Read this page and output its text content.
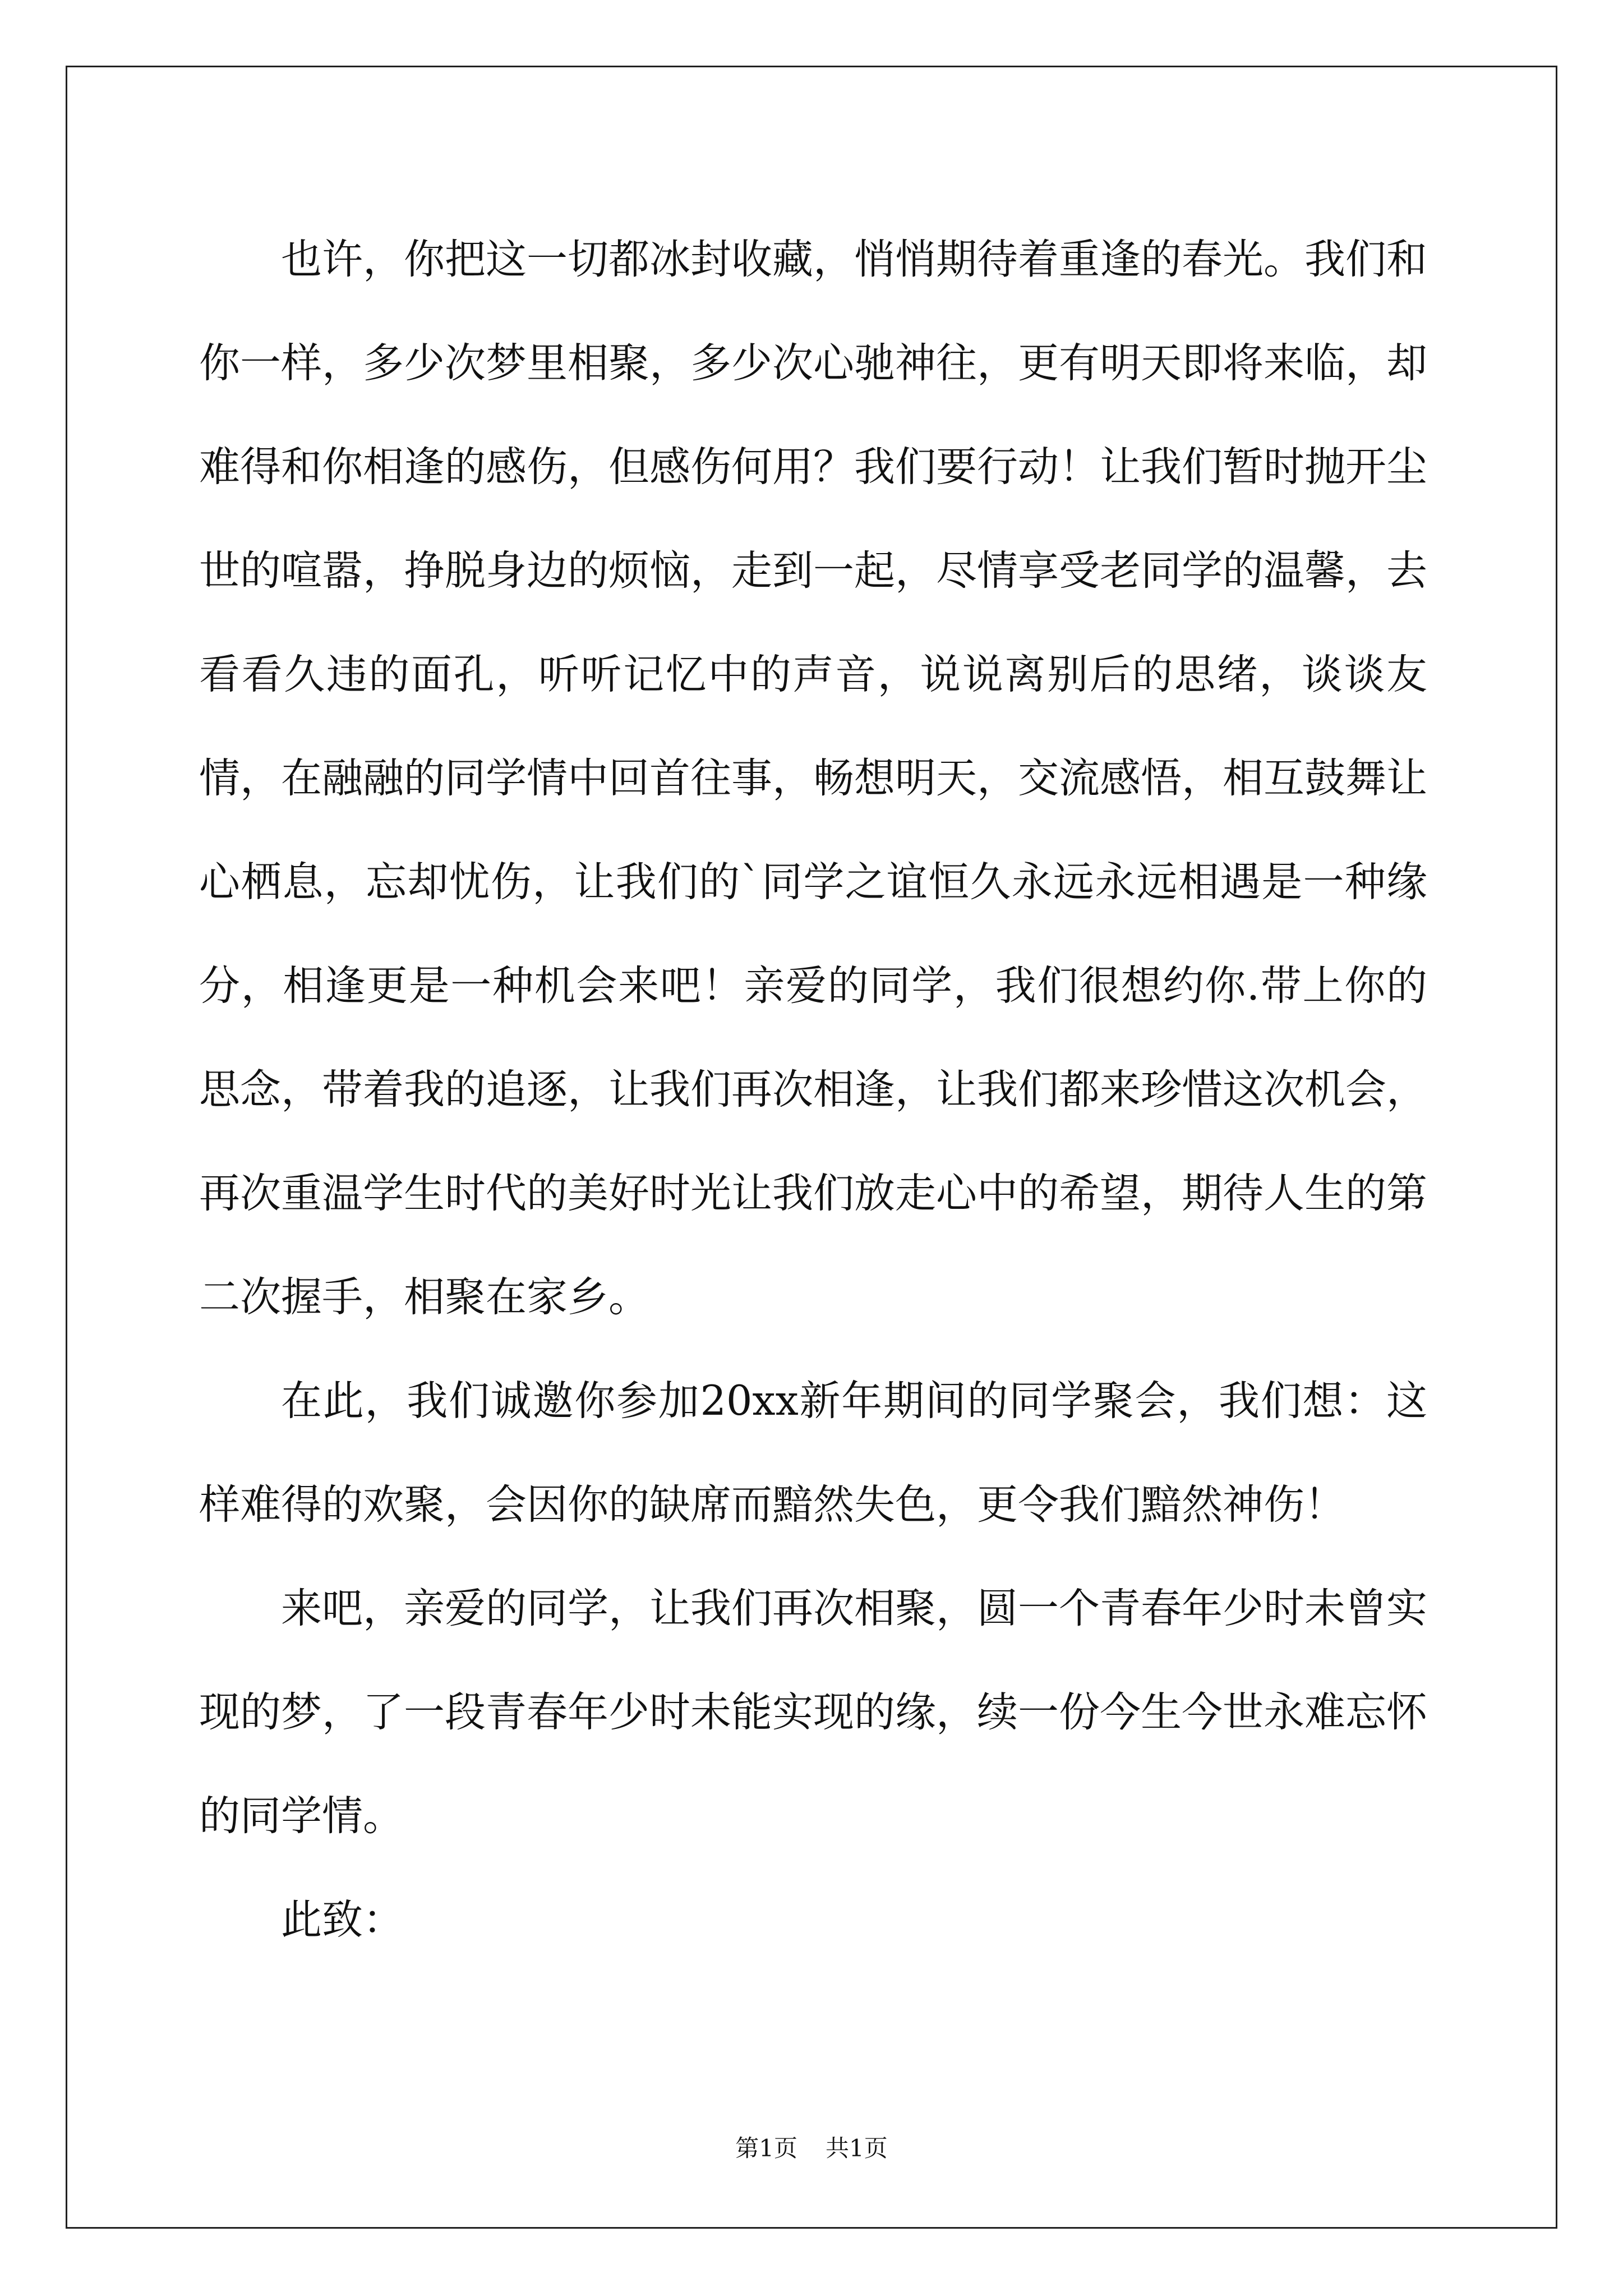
也许，你把这一切都冰封收藏，悄悄期待着重逢的春光。我们和你一样，多少次梦里相聚，多少次心驰神往，更有明天即将来临，却难得和你相逢的感伤，但感伤何用？我们要行动！让我们暂时抛开尘世的喧嚣，挣脱身边的烦恼，走到一起，尽情享受老同学的温馨，去看看久违的面孔，听听记忆中的声音，说说离别后的思绪，谈谈友情，在融融的同学情中回首往事，畅想明天，交流感悟，相互鼓舞让心栖息，忘却忧伤，让我们的`同学之谊恒久永远永远相遇是一种缘分，相逢更是一种机会来吧！亲爱的同学，我们很想约你.带上你的思念，带着我的追逐，让我们再次相逢，让我们都来珍惜这次机会，再次重温学生时代的美好时光让我们放走心中的希望，期待人生的第二次握手，相聚在家乡。

在此，我们诚邀你参加20xx新年期间的同学聚会，我们想：这样难得的欢聚，会因你的缺席而黯然失色，更令我们黯然神伤！

来吧，亲爱的同学，让我们再次相聚，圆一个青春年少时未曾实现的梦，了一段青春年少时未能实现的缘，续一份今生今世永难忘怀的同学情。

此致：

第1页 共1页
